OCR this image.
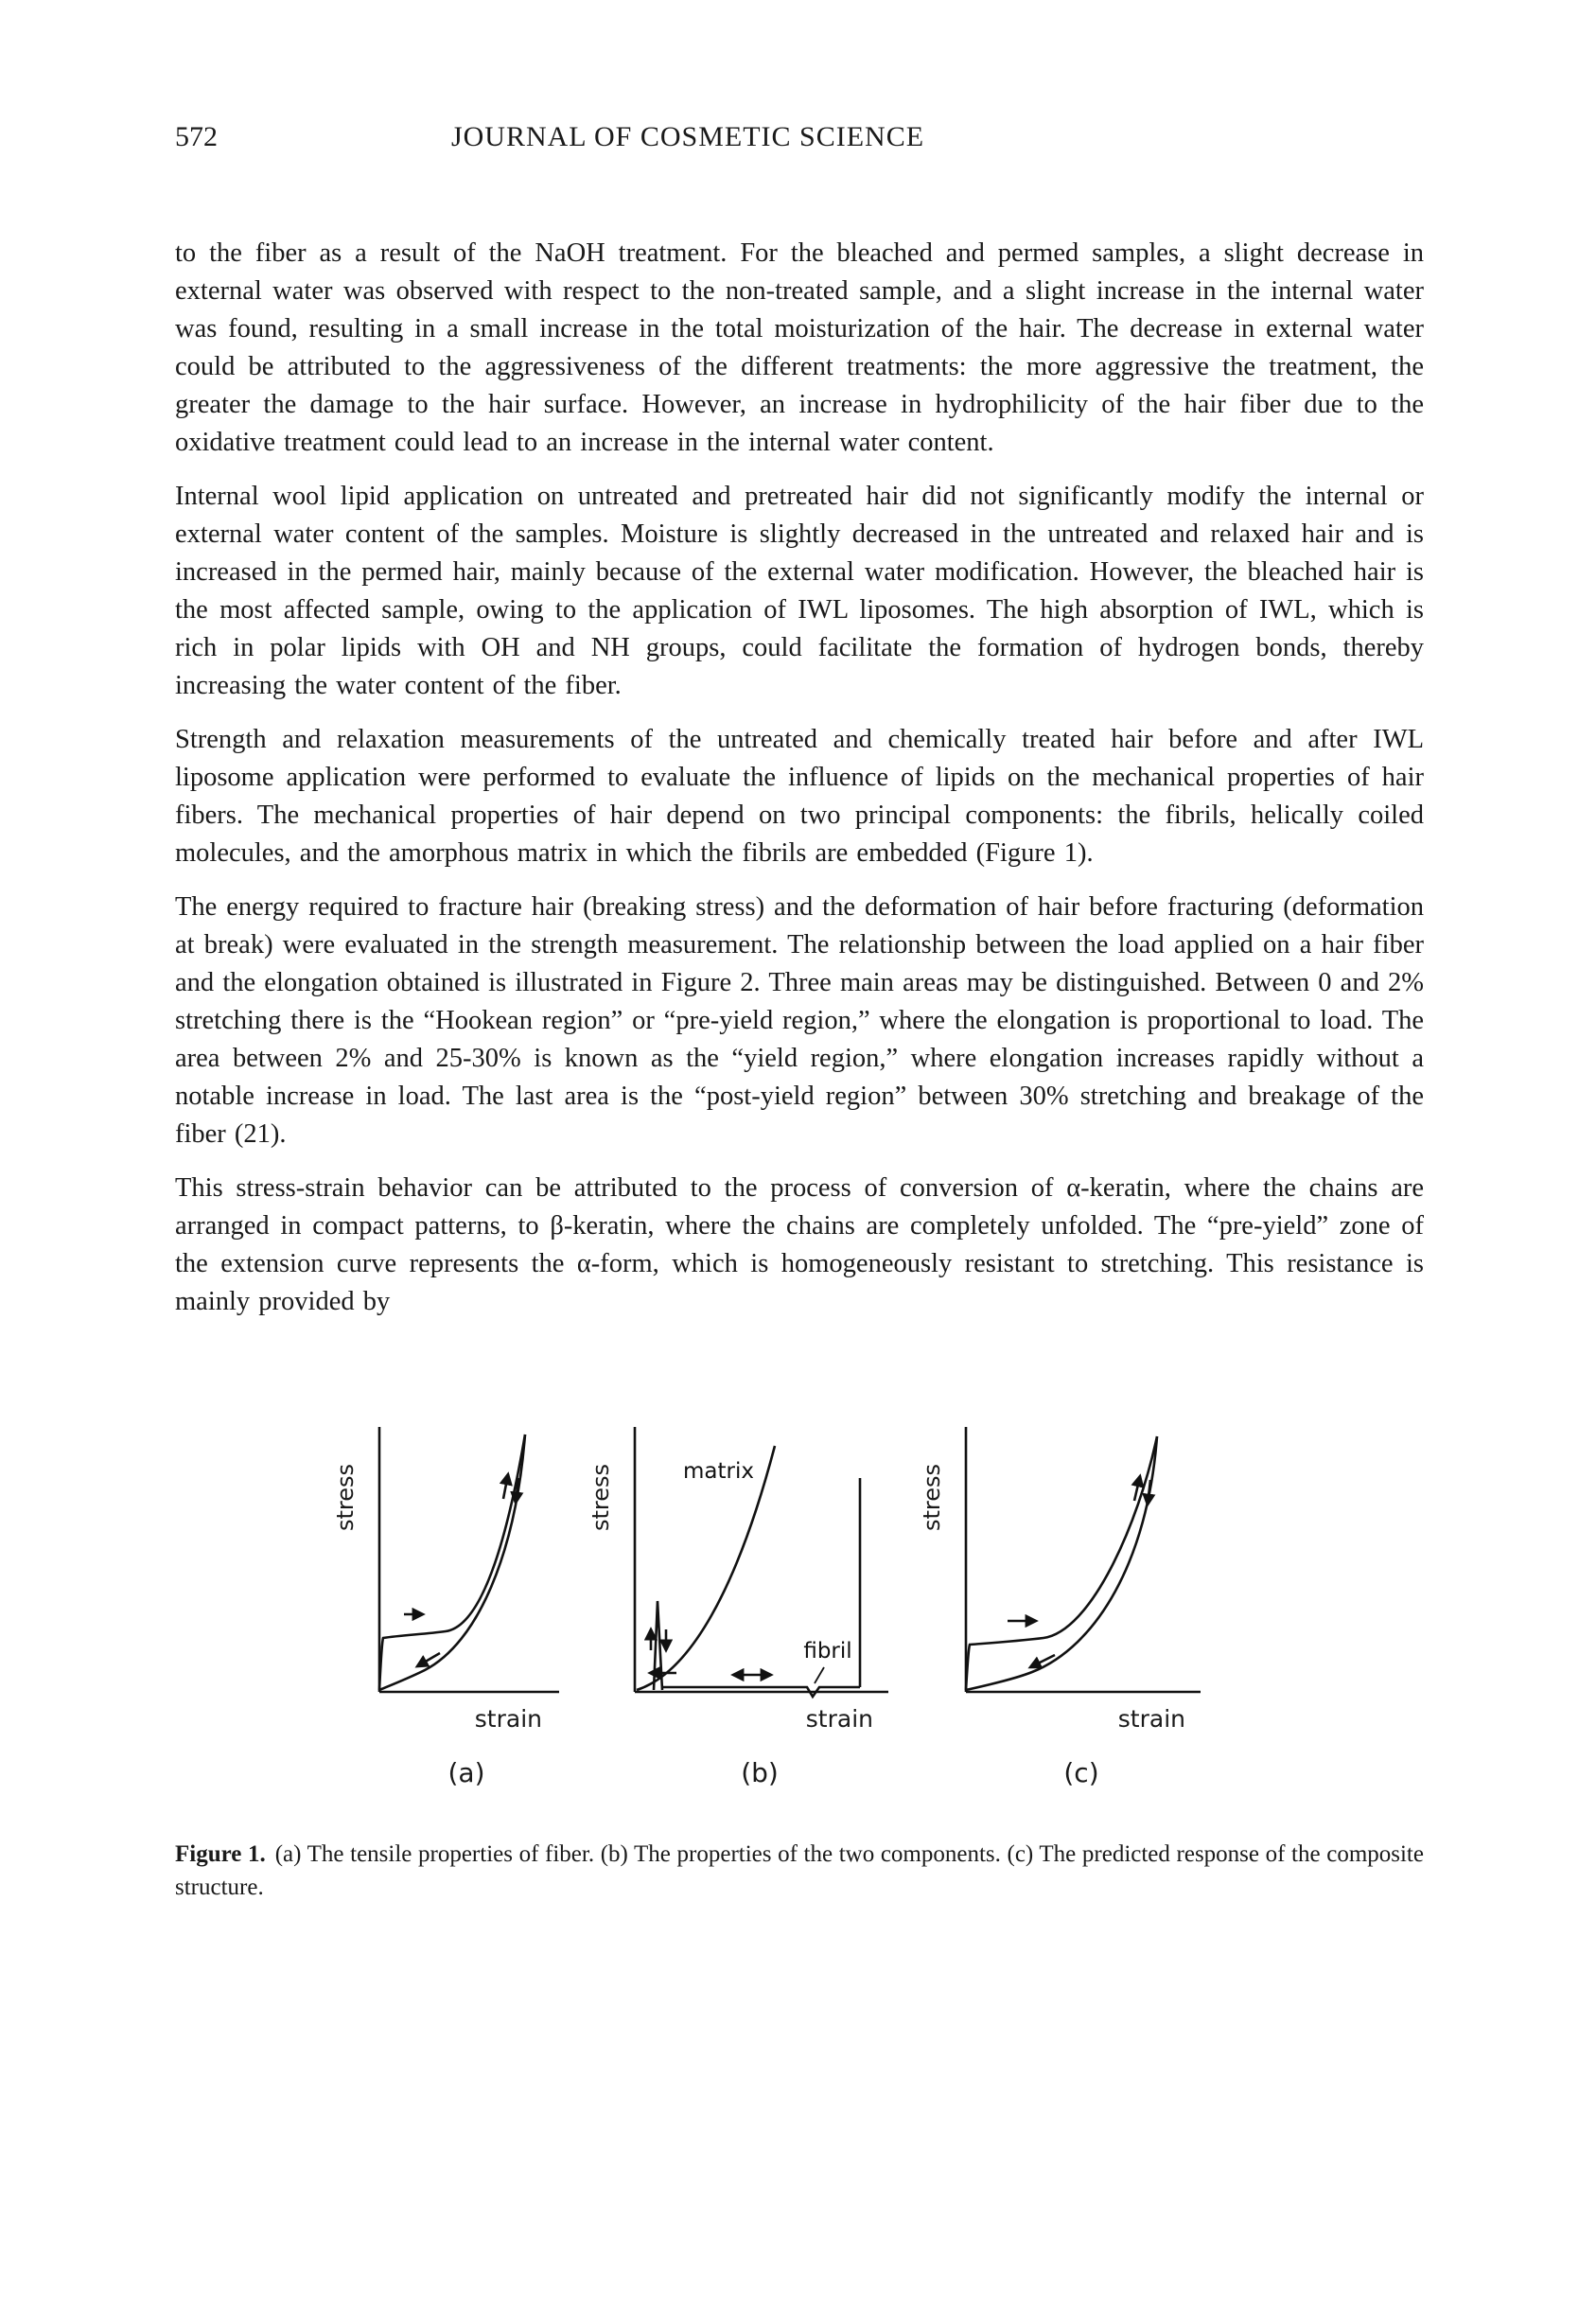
572	JOURNAL OF COSMETIC SCIENCE

to the fiber as a result of the NaOH treatment. For the bleached and permed samples, a slight decrease in external water was observed with respect to the non-treated sample, and a slight increase in the internal water was found, resulting in a small increase in the total moisturization of the hair. The decrease in external water could be attributed to the aggressiveness of the different treatments: the more aggressive the treatment, the greater the damage to the hair surface. However, an increase in hydrophilicity of the hair fiber due to the oxidative treatment could lead to an increase in the internal water content.

Internal wool lipid application on untreated and pretreated hair did not significantly modify the internal or external water content of the samples. Moisture is slightly decreased in the untreated and relaxed hair and is increased in the permed hair, mainly because of the external water modification. However, the bleached hair is the most affected sample, owing to the application of IWL liposomes. The high absorption of IWL, which is rich in polar lipids with OH and NH groups, could facilitate the formation of hydrogen bonds, thereby increasing the water content of the fiber.

Strength and relaxation measurements of the untreated and chemically treated hair before and after IWL liposome application were performed to evaluate the influence of lipids on the mechanical properties of hair fibers. The mechanical properties of hair depend on two principal components: the fibrils, helically coiled molecules, and the amorphous matrix in which the fibrils are embedded (Figure 1).

The energy required to fracture hair (breaking stress) and the deformation of hair before fracturing (deformation at break) were evaluated in the strength measurement. The relationship between the load applied on a hair fiber and the elongation obtained is illustrated in Figure 2. Three main areas may be distinguished. Between 0 and 2% stretching there is the “Hookean region” or “pre-yield region,” where the elongation is proportional to load. The area between 2% and 25-30% is known as the “yield region,” where elongation increases rapidly without a notable increase in load. The last area is the “post-yield region” between 30% stretching and breakage of the fiber (21).

This stress-strain behavior can be attributed to the process of conversion of α-keratin, where the chains are arranged in compact patterns, to β-keratin, where the chains are completely unfolded. The “pre-yield” zone of the extension curve represents the α-form, which is homogeneously resistant to stretching. This resistance is mainly provided by

stress
strain
(a)
stress	matrix
fibril
strain
(b)
stress
strain
(c)
Figure 1. (a) The tensile properties of fiber. (b) The properties of the two components. (c) The predicted response of the composite structure.
